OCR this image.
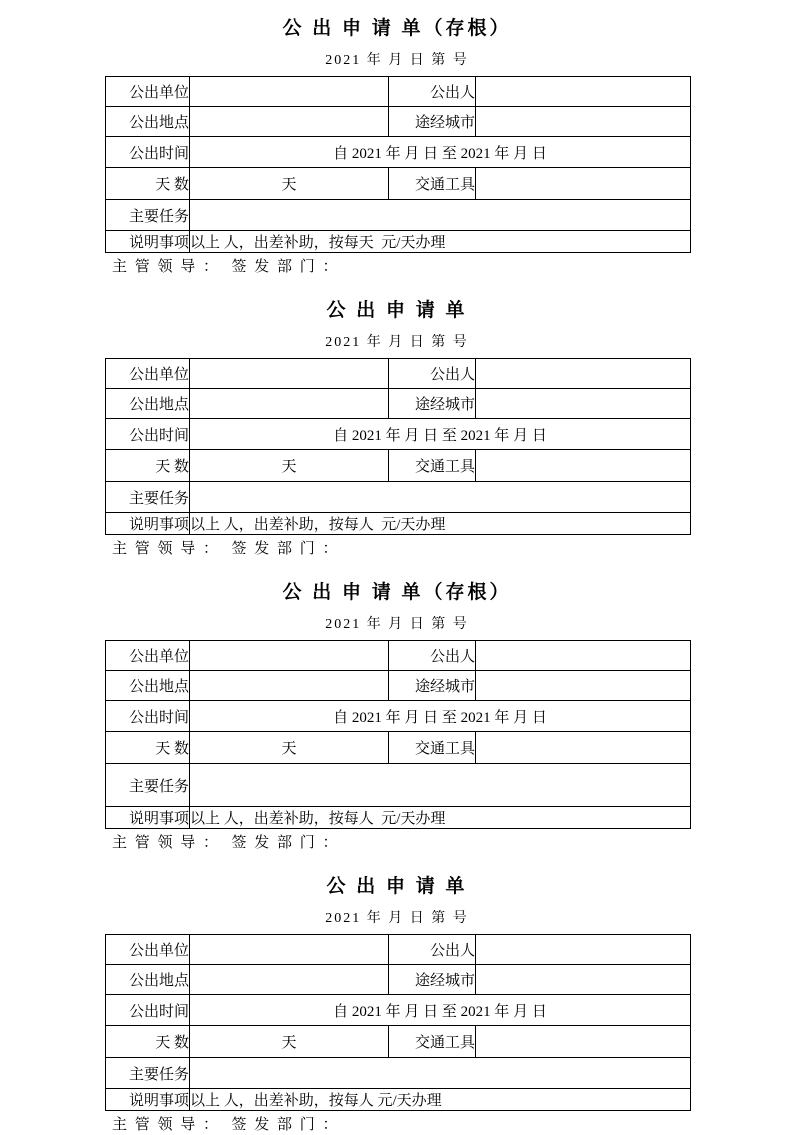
公 出 申 请 单（存根）
2021 年 月 日 第 号
公出单位		公出人	
公出地点		途经城市	
公出时间	自 2021 年 月 日 至 2021 年 月 日		
天 数	天	交通工具	
主要任务			
说明事项	以上 人，出差补助，按每天  元/天办理		
主 管 领 导 ：  签 发 部 门 ：
公 出 申 请 单
2021 年 月 日 第 号
公出单位		公出人	
公出地点		途经城市	
公出时间	自 2021 年 月 日 至 2021 年 月 日		
天 数	天	交通工具	
主要任务			
说明事项	以上 人，出差补助，按每人  元/天办理		
主 管 领 导 ：  签 发 部 门 ：
公 出 申 请 单（存根）
2021 年 月 日 第 号
公出单位		公出人	
公出地点		途经城市	
公出时间	自 2021 年 月 日 至 2021 年 月 日		
天 数	天	交通工具	
主要任务			
说明事项	以上 人，出差补助，按每人  元/天办理		
主 管 领 导 ：  签 发 部 门 ：
公 出 申 请 单
2021 年 月 日 第 号
公出单位		公出人	
公出地点		途经城市	
公出时间	自 2021 年 月 日 至 2021 年 月 日		
天 数	天	交通工具	
主要任务			
说明事项	以上 人，出差补助，按每人 元/天办理		
主 管 领 导 ：  签 发 部 门 ：
